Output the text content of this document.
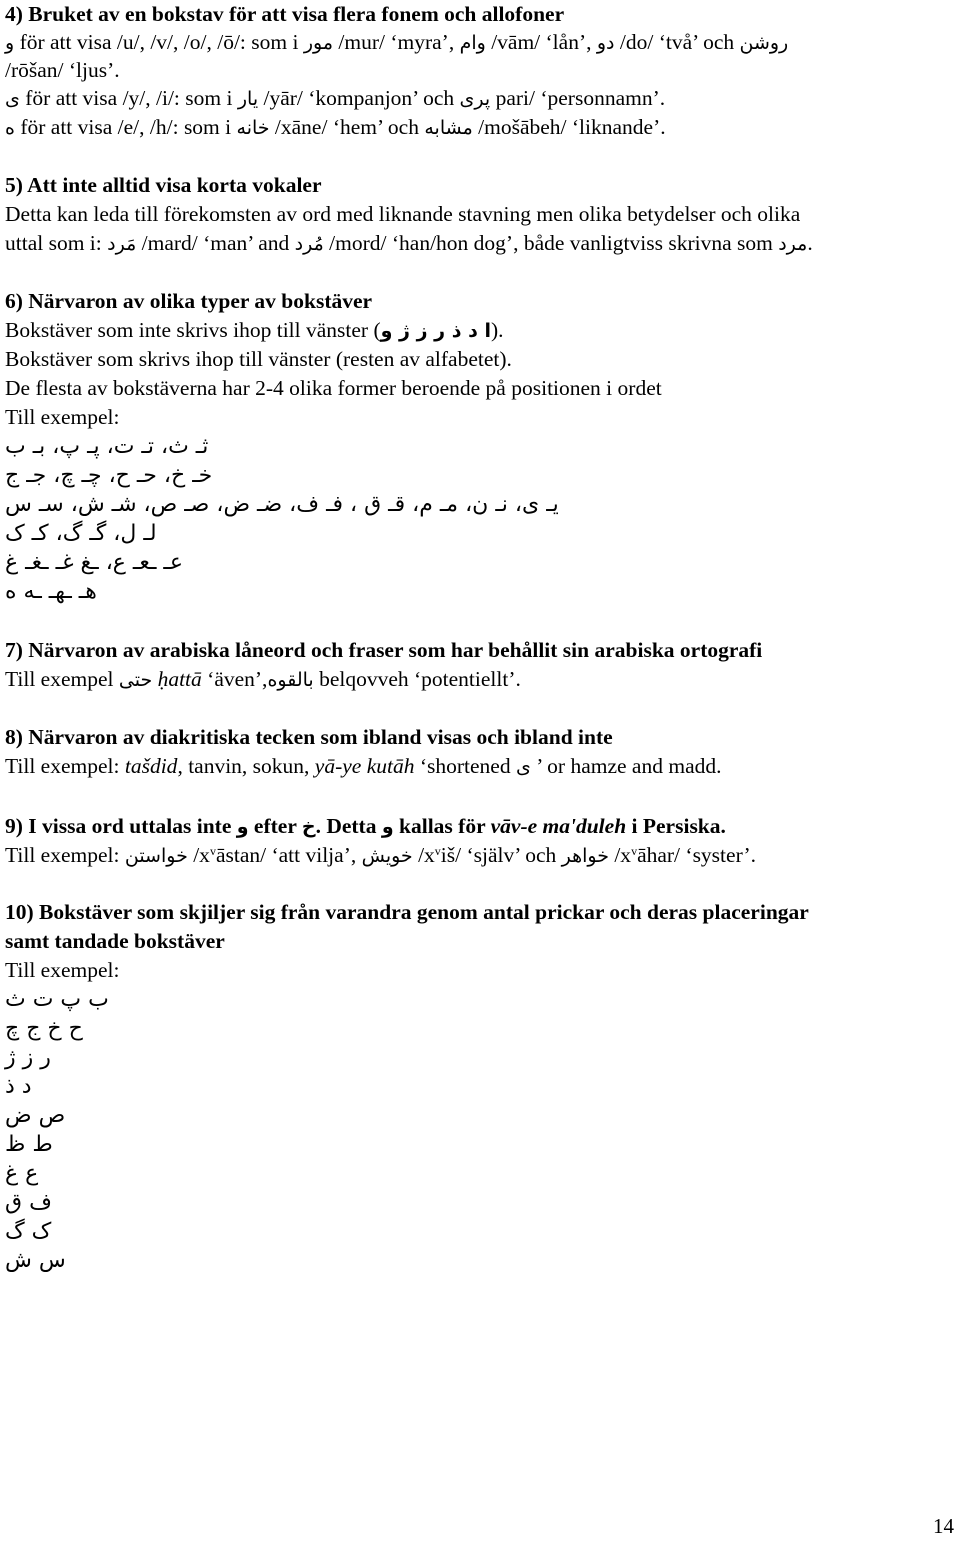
4) Bruket av en bokstav för att visa flera fonem och allofoner
و för att visa /u/, /v/, /o/, /ō/: som i مور /mur/ ‘myra’, وام /vām/ ‘lån’, دو /do/ ‘två’ och روشن
/rōšan/ ‘ljus’.
ی för att visa /y/, /i/: som i یار /yār/ ‘kompanjon’ och پری pari/ ‘personnamn’.
ه för att visa /e/, /h/: som i خانه /xāne/ ‘hem’ och مشابه /mošābeh/ ‘liknande’.
5) Att inte alltid visa korta vokaler
Detta kan leda till förekomsten av ord med liknande stavning men olika betydelser och olika
uttal som i: مَرد /mard/ ‘man’ and مُرد /mord/ ‘han/hon dog’, både vanligtviss skrivna som مرد.
6) Närvaron av olika typer av bokstäver
Bokstäver som inte skrivs ihop till vänster (ا د ذ ر ز ژ و).
Bokstäver som skrivs ihop till vänster (resten av alfabetet).
De flesta av bokstäverna har 2-4 olika former beroende på positionen i ordet
Till exempel:
ثـ ث، تـ ت، پـ پ، بـ ب
خـ خ، حـ ح، چـ چ، جـ ج
یـ ی، نـ ن، مـ م، قـ ق ، فـ ف، ضـ ض، صـ ص، شـ ش، سـ س
لـ ل، گـ گ، کـ ک
عـ ـعـ ع، ـغ غـ ـغـ غ
هـ ـهـ ـه ه
7) Närvaron av arabiska låneord och fraser som har behållit sin arabiska ortografi
Till exempel حتی ḥattā ‘även’,بالقوه belqovveh ‘potentiellt’.
8) Närvaron av diakritiska tecken som ibland visas och ibland inte
Till exempel: tašdid, tanvin, sokun, yā-ye kutāh ‘shortened ی ’ or hamze and madd.
9) I vissa ord uttalas inte و efter خ. Detta و kallas för vāv-e ma'duleh i Persiska.
Till exempel: خواستن $/x^vāstan/$ ‘att vilja’, خویش $/x^viš/$ ‘själv’ och خواهر $/x^vāhar/$ ‘syster’.
10) Bokstäver som skjiljer sig från varandra genom antal prickar och deras placeringar
samt tandade bokstäver
Till exempel:
ب پ ت ث
ح خ ج چ
ر ز ژ
د ذ
ص ض
ط ظ
ع غ
ف ق
ک گ
س ش
14
